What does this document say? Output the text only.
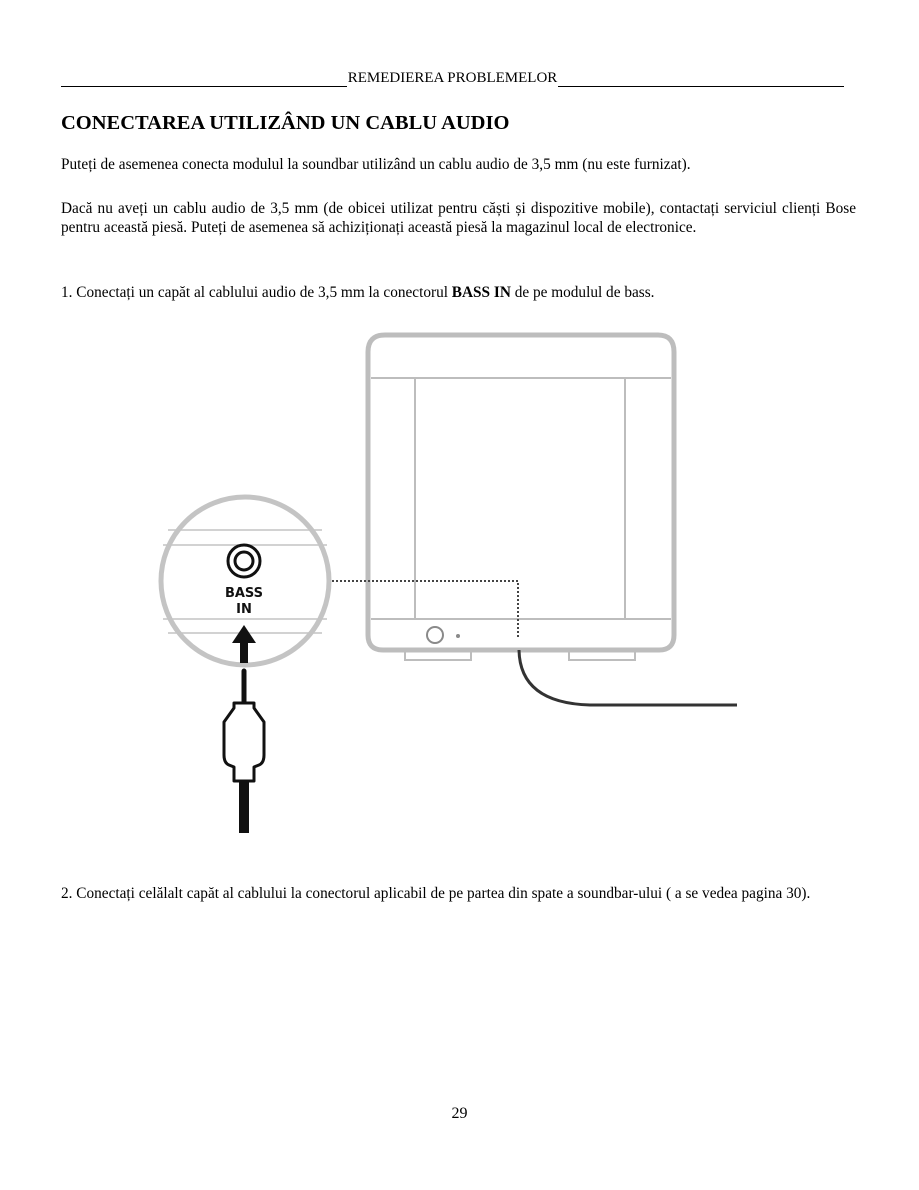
REMEDIEREA PROBLEMELOR
CONECTAREA UTILIZÂND UN CABLU AUDIO

Puteți de asemenea conecta modulul la soundbar utilizând un cablu audio de 3,5 mm (nu este furnizat).

Dacă nu aveți un cablu audio de 3,5 mm (de obicei utilizat pentru căști și dispozitive mobile), contactați serviciul clienți Bose pentru această piesă. Puteți de asemenea să achiziționați această piesă la magazinul local de electronice.

1. Conectați un capăt al cablului audio de 3,5 mm la conectorul BASS IN de pe modulul de bass.

BASS
IN

2. Conectați celălalt capăt al cablului la conectorul aplicabil de pe partea din spate a soundbar-ului ( a se vedea pagina 30).

29
